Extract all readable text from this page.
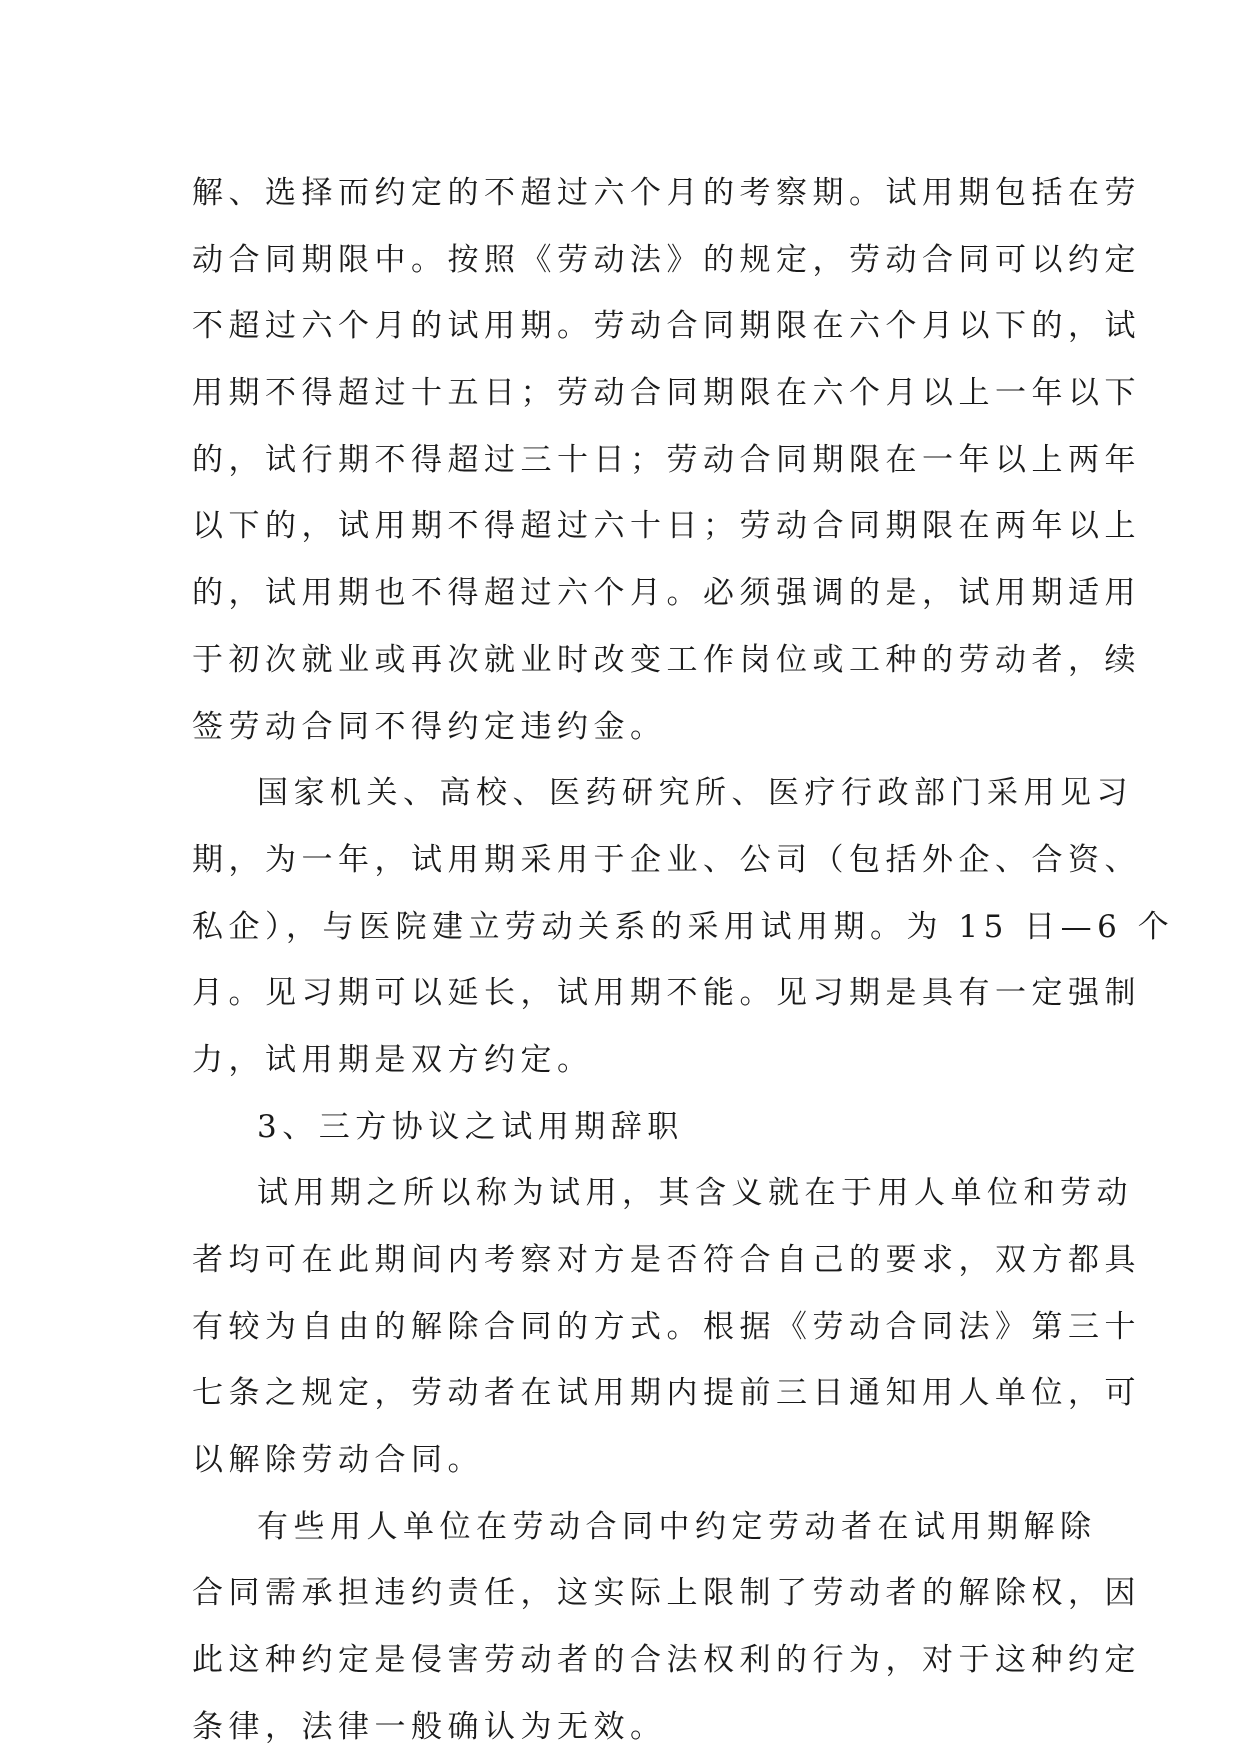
解、选择而约定的不超过六个月的考察期。试用期包括在劳
动合同期限中。按照《劳动法》的规定，劳动合同可以约定
不超过六个月的试用期。劳动合同期限在六个月以下的，试
用期不得超过十五日；劳动合同期限在六个月以上一年以下
的，试行期不得超过三十日；劳动合同期限在一年以上两年
以下的，试用期不得超过六十日；劳动合同期限在两年以上
的，试用期也不得超过六个月。必须强调的是，试用期适用
于初次就业或再次就业时改变工作岗位或工种的劳动者，续
签劳动合同不得约定违约金。
国家机关、高校、医药研究所、医疗行政部门采用见习
期，为一年，试用期采用于企业、公司（包括外企、合资、
私企），与医院建立劳动关系的采用试用期。为 15 日—6 个
月。见习期可以延长，试用期不能。见习期是具有一定强制
力，试用期是双方约定。
3、三方协议之试用期辞职
试用期之所以称为试用，其含义就在于用人单位和劳动
者均可在此期间内考察对方是否符合自己的要求，双方都具
有较为自由的解除合同的方式。根据《劳动合同法》第三十
七条之规定，劳动者在试用期内提前三日通知用人单位，可
以解除劳动合同。
有些用人单位在劳动合同中约定劳动者在试用期解除
合同需承担违约责任，这实际上限制了劳动者的解除权，因
此这种约定是侵害劳动者的合法权利的行为，对于这种约定
条律，法律一般确认为无效。
